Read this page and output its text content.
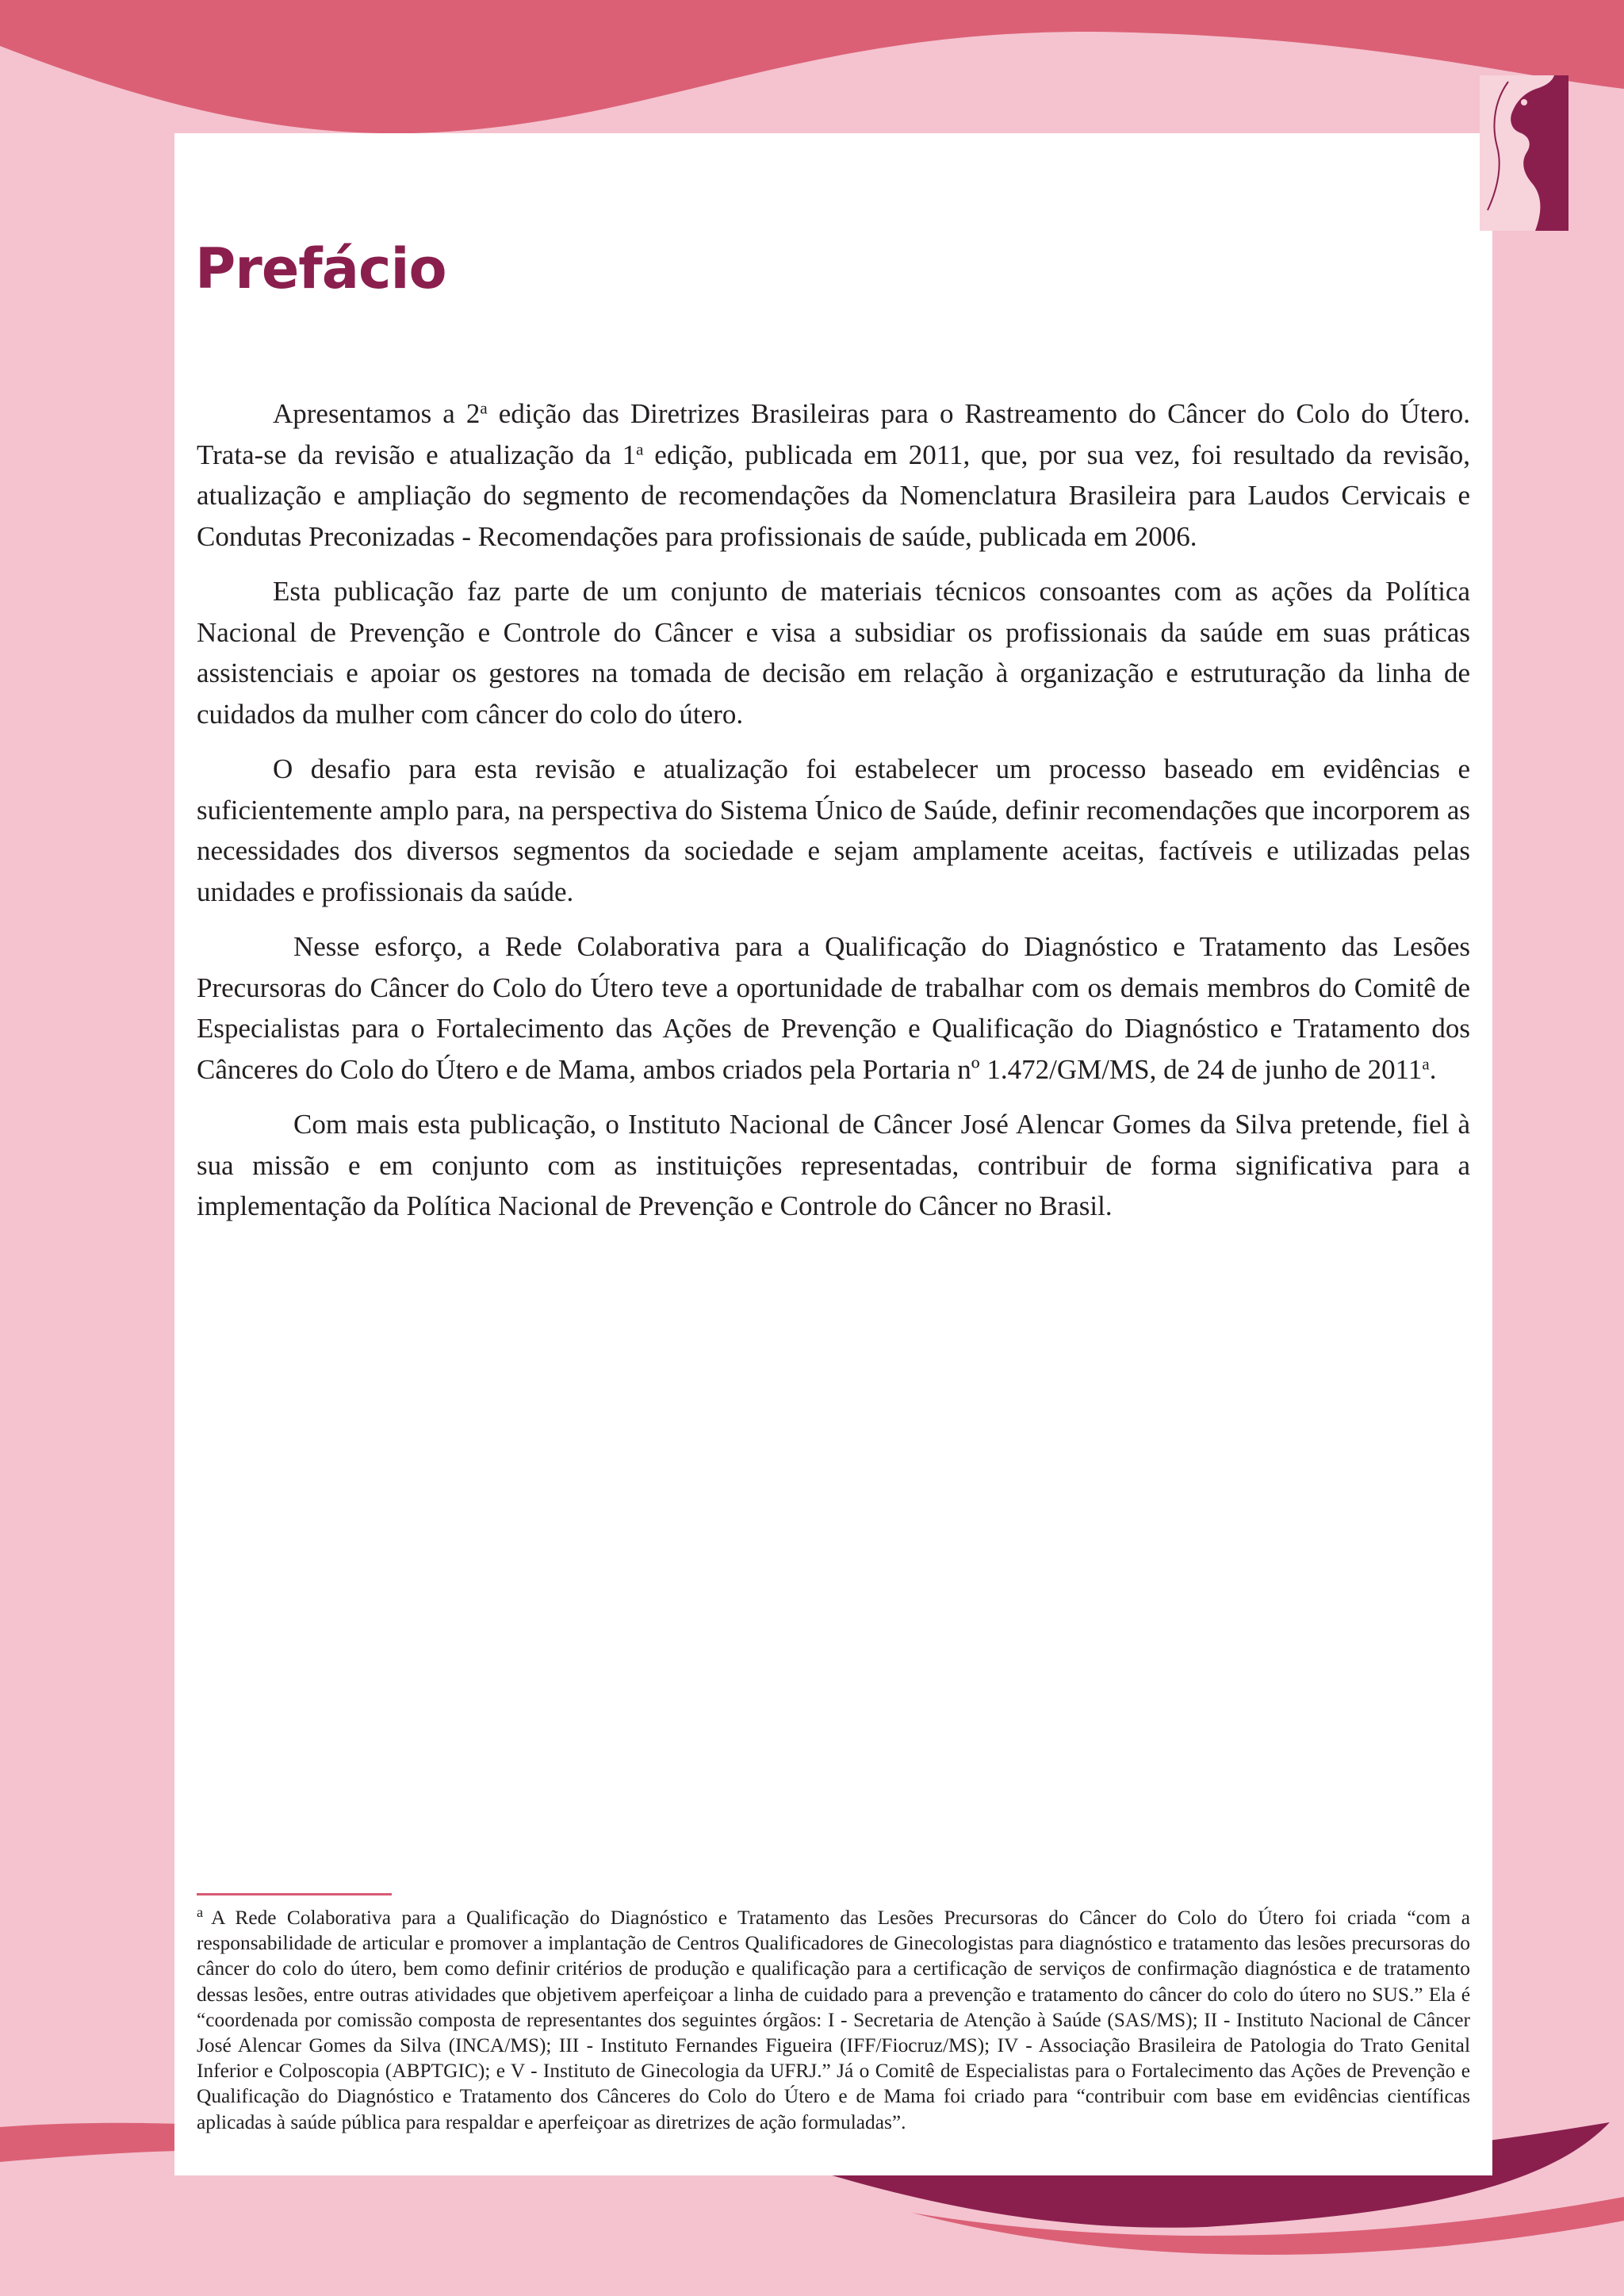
Prefácio

Apresentamos a 2$^a$ edição das Diretrizes Brasileiras para o Rastreamento do Câncer do Colo do Útero. Trata-se da revisão e atualização da 1$^a$ edição, publicada em 2011, que, por sua vez, foi resultado da revisão, atualização e ampliação do segmento de recomendações da Nomenclatura Brasileira para Laudos Cervicais e Condutas Preconizadas - Recomendações para profissionais de saúde, publicada em 2006.

Esta publicação faz parte de um conjunto de materiais técnicos consoantes com as ações da Política Nacional de Prevenção e Controle do Câncer e visa a subsidiar os profissionais da saúde em suas práticas assistenciais e apoiar os gestores na tomada de decisão em relação à organização e estruturação da linha de cuidados da mulher com câncer do colo do útero.

O desafio para esta revisão e atualização foi estabelecer um processo baseado em evidências e suficientemente amplo para, na perspectiva do Sistema Único de Saúde, definir recomendações que incorporem as necessidades dos diversos segmentos da sociedade e sejam amplamente aceitas, factíveis e utilizadas pelas unidades e profissionais da saúde.

Nesse esforço, a Rede Colaborativa para a Qualificação do Diagnóstico e Tratamento das Lesões Precursoras do Câncer do Colo do Útero teve a oportunidade de trabalhar com os demais membros do Comitê de Especialistas para o Fortalecimento das Ações de Prevenção e Qualificação do Diagnóstico e Tratamento dos Cânceres do Colo do Útero e de Mama, ambos criados pela Portaria nº 1.472/GM/MS, de 24 de junho de 2011$^a$.

Com mais esta publicação, o Instituto Nacional de Câncer José Alencar Gomes da Silva pretende, fiel à sua missão e em conjunto com as instituições representadas, contribuir de forma significativa para a implementação da Política Nacional de Prevenção e Controle do Câncer no Brasil.

$^a$ A Rede Colaborativa para a Qualificação do Diagnóstico e Tratamento das Lesões Precursoras do Câncer do Colo do Útero foi criada “com a responsabilidade de articular e promover a implantação de Centros Qualificadores de Ginecologistas para diagnóstico e tratamento das lesões precursoras do câncer do colo do útero, bem como definir critérios de produção e qualificação para a certificação de serviços de confirmação diagnóstica e de tratamento dessas lesões, entre outras atividades que objetivem aperfeiçoar a linha de cuidado para a prevenção e tratamento do câncer do colo do útero no SUS.” Ela é “coordenada por comissão composta de representantes dos seguintes órgãos: I - Secretaria de Atenção à Saúde (SAS/MS); II - Instituto Nacional de Câncer José Alencar Gomes da Silva (INCA/MS); III - Instituto Fernandes Figueira (IFF/Fiocruz/MS); IV - Associação Brasileira de Patologia do Trato Genital Inferior e Colposcopia (ABPTGIC); e V - Instituto de Ginecologia da UFRJ.” Já o Comitê de Especialistas para o Fortalecimento das Ações de Prevenção e Qualificação do Diagnóstico e Tratamento dos Cânceres do Colo do Útero e de Mama foi criado para “contribuir com base em evidências científicas aplicadas à saúde pública para respaldar e aperfeiçoar as diretrizes de ação formuladas”.
